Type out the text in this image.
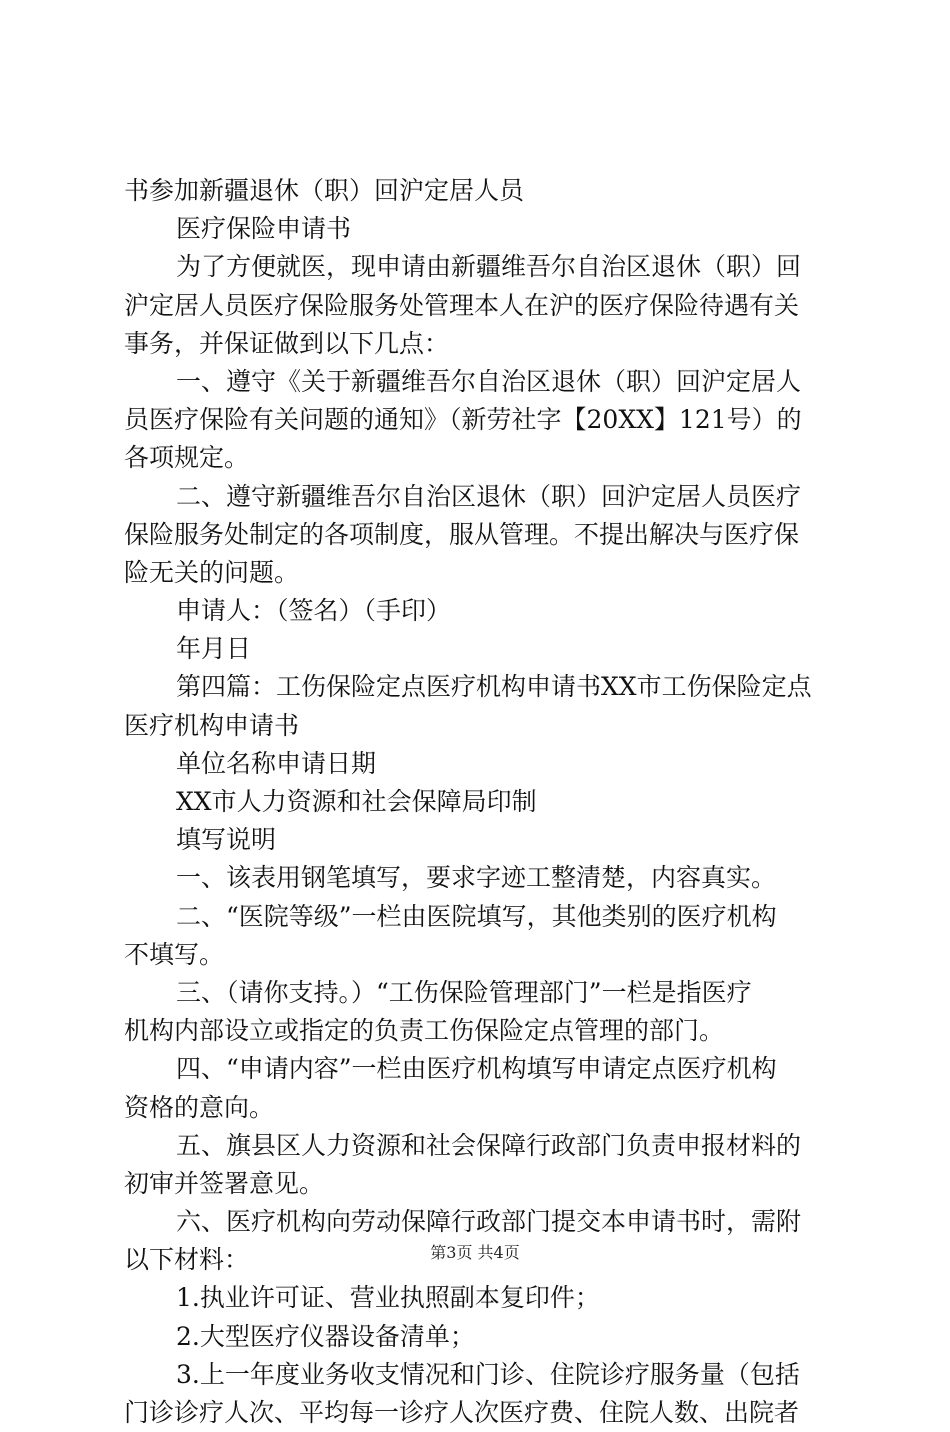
书参加新疆退休（职）回沪定居人员
医疗保险申请书
为了方便就医，现申请由新疆维吾尔自治区退休（职）回
沪定居人员医疗保险服务处管理本人在沪的医疗保险待遇有关
事务，并保证做到以下几点：
一、遵守《关于新疆维吾尔自治区退休（职）回沪定居人
员医疗保险有关问题的通知》（新劳社字【20XX】121号）的
各项规定。
二、遵守新疆维吾尔自治区退休（职）回沪定居人员医疗
保险服务处制定的各项制度，服从管理。不提出解决与医疗保
险无关的问题。
申请人：（签名）（手印）
年月日
第四篇：工伤保险定点医疗机构申请书XX市工伤保险定点
医疗机构申请书
单位名称申请日期
XX市人力资源和社会保障局印制
填写说明
一、该表用钢笔填写，要求字迹工整清楚，内容真实。
二、“医院等级”一栏由医院填写，其他类别的医疗机构
不填写。
三、（请你支持。）“工伤保险管理部门”一栏是指医疗
机构内部设立或指定的负责工伤保险定点管理的部门。
四、“申请内容”一栏由医疗机构填写申请定点医疗机构
资格的意向。
五、旗县区人力资源和社会保障行政部门负责申报材料的
初审并签署意见。
六、医疗机构向劳动保障行政部门提交本申请书时，需附
以下材料：
1.执业许可证、营业执照副本复印件；
2.大型医疗仪器设备清单；
3.上一年度业务收支情况和门诊、住院诊疗服务量（包括
门诊诊疗人次、平均每一诊疗人次医疗费、住院人数、出院者
第3页 共4页
